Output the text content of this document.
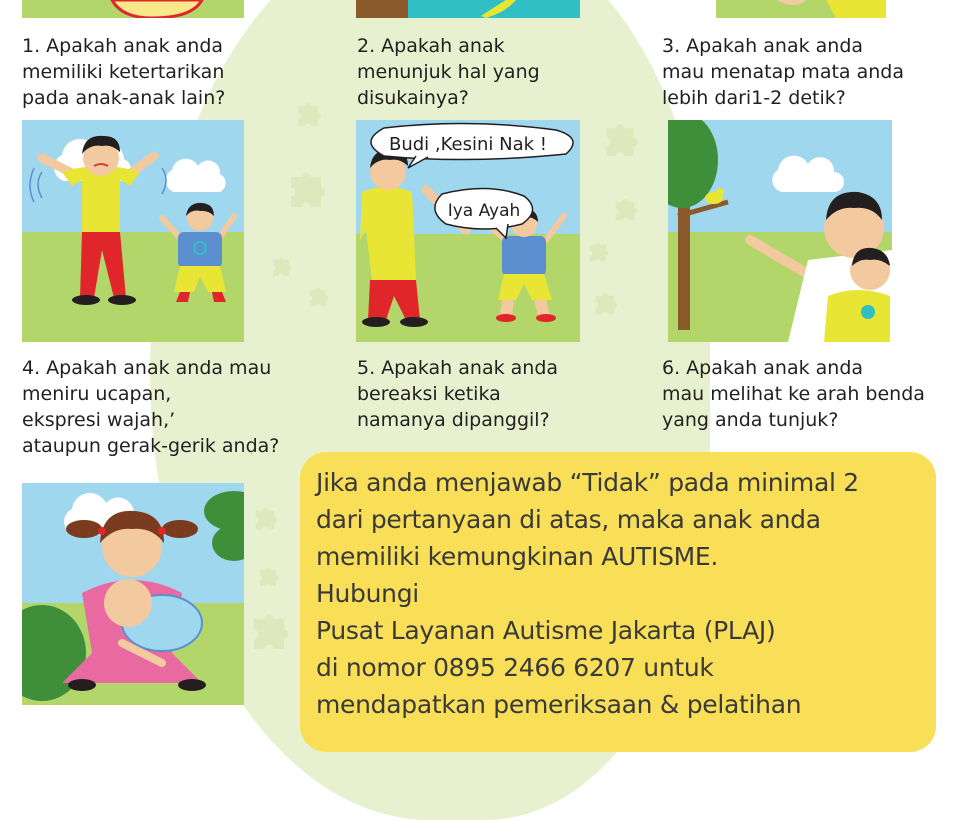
1. Apakah anak anda
memiliki ketertarikan
pada anak-anak lain?

2. Apakah anak
menunjuk hal yang
disukainya?

3. Apakah anak anda
mau menatap mata anda
lebih dari1-2 detik?

Budi ,Kesini Nak !
Iya Ayah

4. Apakah anak anda mau
meniru ucapan,
ekspresi wajah,’
ataupun gerak-gerik anda?

5. Apakah anak anda
bereaksi ketika
namanya dipanggil?

6. Apakah anak anda
mau melihat ke arah benda
yang anda tunjuk?

Jika anda menjawab “Tidak” pada minimal 2
dari pertanyaan di atas, maka anak anda
memiliki kemungkinan AUTISME.
Hubungi
Pusat Layanan Autisme Jakarta (PLAJ)
di nomor 0895 2466 6207 untuk
mendapatkan pemeriksaan & pelatihan
